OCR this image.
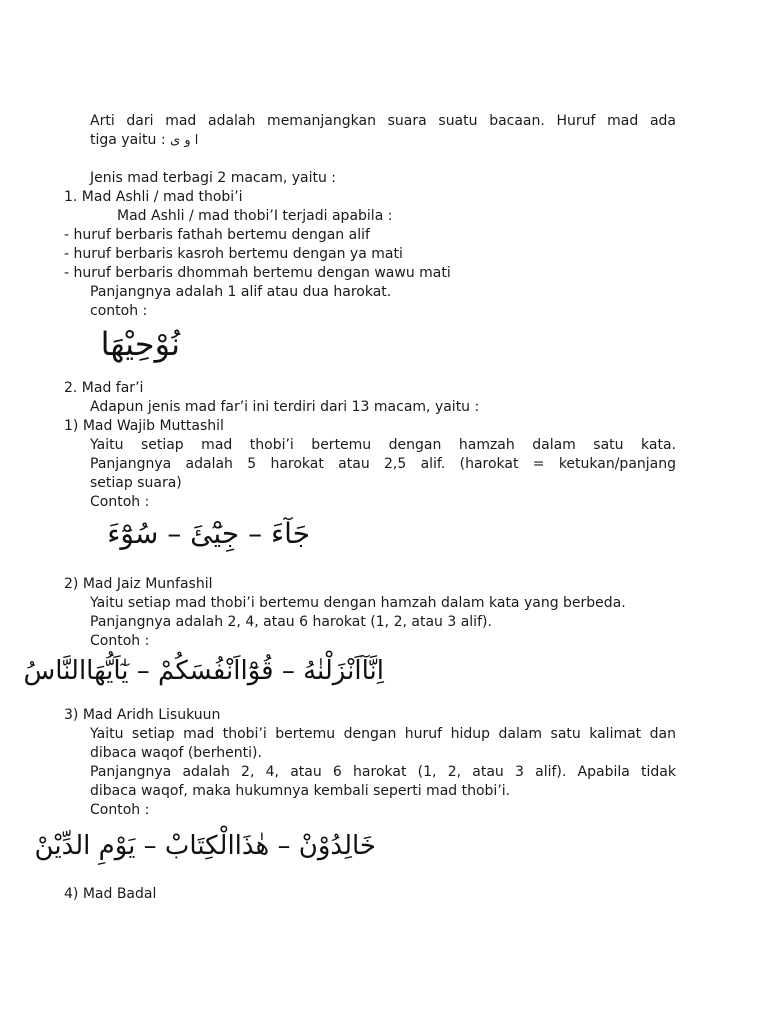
Arti dari mad adalah memanjangkan suara suatu bacaan. Huruf mad ada
tiga yaitu : ا و ى
Jenis mad terbagi 2 macam, yaitu :
1. Mad Ashli / mad thobi’i
Mad Ashli / mad thobi’I terjadi apabila :
- huruf berbaris fathah bertemu dengan alif
- huruf berbaris kasroh bertemu dengan ya mati
- huruf berbaris dhommah bertemu dengan wawu mati
Panjangnya adalah 1 alif atau dua harokat.
contoh :
نُوْحِيْهَا
2. Mad far’i
Adapun jenis mad far’i ini terdiri dari 13 macam, yaitu :
1) Mad Wajib Muttashil
Yaitu setiap mad thobi’i bertemu dengan hamzah dalam satu kata.
Panjangnya adalah 5 harokat atau 2,5 alif. (harokat = ketukan/panjang
setiap suara)
Contoh :
جَآءَ – جِيْٓئَ – سُوْٓءَ
2) Mad Jaiz Munfashil
Yaitu setiap mad thobi’i bertemu dengan hamzah dalam kata yang berbeda.
Panjangnya adalah 2, 4, atau 6 harokat (1, 2, atau 3 alif).
Contoh :
اِنَّآاَنْزَلْنٰهُ – قُوْٓااَنْفُسَكُمْ – يٰٓاَيُّهَاالنَّاسُ
3) Mad Aridh Lisukuun
Yaitu setiap mad thobi’i bertemu dengan huruf hidup dalam satu kalimat dan
dibaca waqof (berhenti).
Panjangnya adalah 2, 4, atau 6 harokat (1, 2, atau 3 alif). Apabila tidak
dibaca waqof, maka hukumnya kembali seperti mad thobi’i.
Contoh :
خَالِدُوْنْ – هٰذَاالْكِتَابْ – يَوْمِ الدِّيْنْ
4) Mad Badal
